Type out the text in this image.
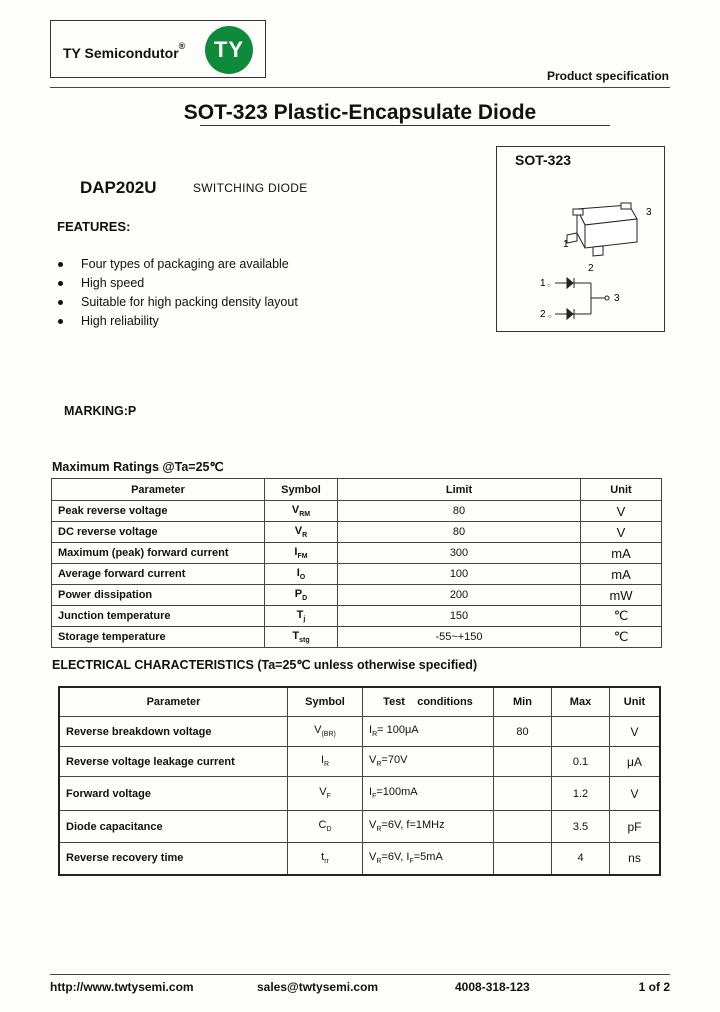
TY Semicondutor®	TY
Product specification
SOT-323 Plastic-Encapsulate Diode
DAP202U	SWITCHING DIODE
FEATURES:
Four types of packaging are available
High speed
Suitable for high packing density layout
High reliability
MARKING:P
SOT-323
3
1
2
1 ○
2 ○
3
Maximum Ratings @Ta=25℃
Parameter	Symbol	Limit	Unit
Peak reverse voltage	$V_{RM}$	80	V
DC reverse voltage	$V_R$	80	V
Maximum (peak) forward current	$I_{FM}$	300	mA
Average forward current	$I_O$	100	mA
Power dissipation	$P_D$	200	mW
Junction temperature	$T_j$	150	℃
Storage temperature	$T_{stg}$	-55~+150	℃
ELECTRICAL CHARACTERISTICS (Ta=25℃ unless otherwise specified)
Parameter	Symbol	Test    conditions	Min	Max	Unit
Reverse breakdown voltage	$V_{(BR)}$	$I_R= 100\mu A$	80		V
Reverse voltage leakage current	$I_R$	$V_R=70V$		0.1	μA
Forward voltage	$V_F$	$I_F=100mA$		1.2	V
Diode capacitance	$C_D$	$V_R=6V$, f=1MHz		3.5	pF
Reverse recovery time	$t_{rr}$	$V_R=6V$, $I_F=5mA$		4	ns
http://www.twtysemi.com	sales@twtysemi.com	4008-318-123	1 of 2
